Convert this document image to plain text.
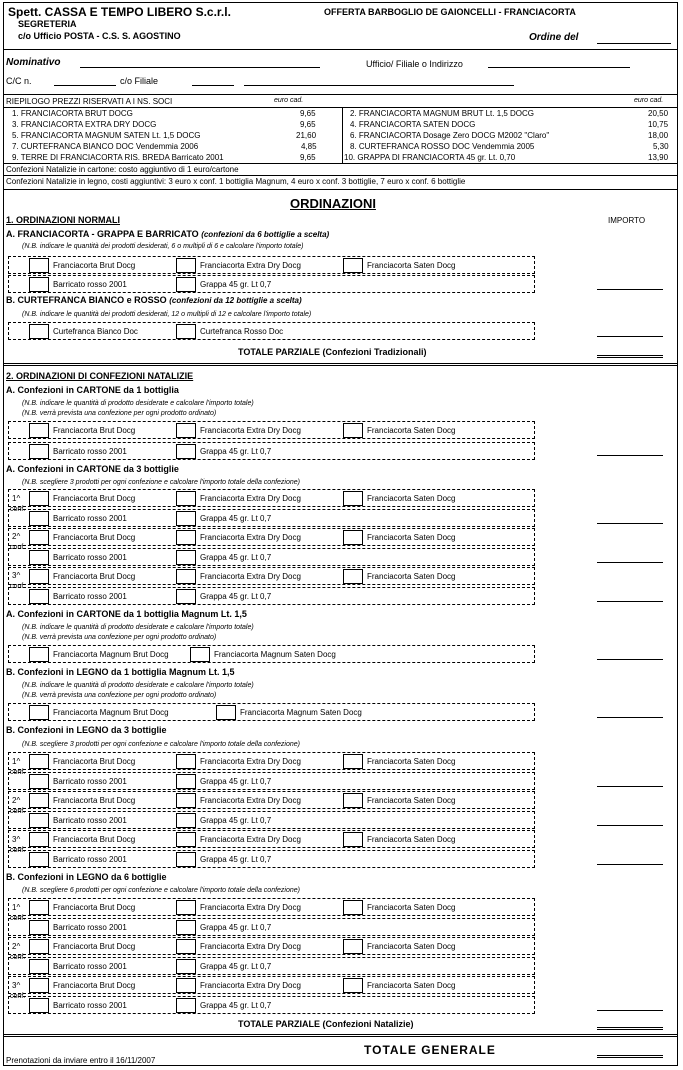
Spett. CASSA E TEMPO LIBERO S.c.r.l.
SEGRETERIA
c/o Ufficio POSTA - C.S. S. AGOSTINO
OFFERTA BARBOGLIO DE GAIONCELLI - FRANCIACORTA
Ordine del
Nominativo	Ufficio/ Filiale o Indirizzo
C/C n.	c/o Filiale
RIEPILOGO PREZZI RISERVATI A I NS. SOCI	euro cad.	euro cad.
1. FRANCIACORTA BRUT DOCG	9,65	2. FRANCIACORTA MAGNUM BRUT Lt. 1,5 DOCG	20,50
3. FRANCIACORTA EXTRA DRY DOCG	9,65	4. FRANCIACORTA SATEN DOCG	10,75
5. FRANCIACORTA MAGNUM SATEN Lt. 1,5 DOCG	21,60	6. FRANCIACORTA Dosage Zero DOCG M2002 "Claro"	18,00
7. CURTEFRANCA BIANCO DOC Vendemmia 2006	4,85	8. CURTEFRANCA ROSSO DOC Vendemmia 2005	5,30
9. TERRE DI FRANCIACORTA RIS. BREDA Barricato 2001	9,65	10. GRAPPA DI FRANCIACORTA 45 gr. Lt. 0,70	13,90
Confezioni Natalizie in cartone: costo aggiuntivo di 1 euro/cartone
Confezioni Natalizie in legno, costi aggiuntivi: 3 euro x conf. 1 bottiglia Magnum, 4 euro x conf. 3 bottiglie, 7 euro x conf. 6 bottiglie
ORDINAZIONI
IMPORTO
1. ORDINAZIONI NORMALI
A. FRANCIACORTA - GRAPPA E BARRICATO (confezioni da 6 bottiglie a scelta)
(N.B. indicare le quantità dei prodotti desiderati, 6 o multipli di 6 e calcolare l'importo totale)
Franciacorta Brut Docg	Franciacorta Extra Dry Docg	Franciacorta Saten Docg
Barricato rosso 2001	Grappa 45 gr. Lt 0,7
B. CURTEFRANCA BIANCO e ROSSO (confezioni da 12 bottiglie a scelta)
(N.B. indicare le quantità dei prodotti desiderati, 12 o multipli di 12 e calcolare l'importo totale)
Curtefranca Bianco Doc	Curtefranca Rosso Doc
TOTALE PARZIALE (Confezioni Tradizionali)
2. ORDINAZIONI DI CONFEZIONI NATALIZIE
A. Confezioni in CARTONE da 1 bottiglia
(N.B. indicare le quantità di prodotto desiderate e calcolare l'importo totale)
(N.B. verrà prevista una confezione per ogni prodotto ordinato)
Franciacorta Brut Docg	Franciacorta Extra Dry Docg	Franciacorta Saten Docg
Barricato rosso 2001	Grappa 45 gr. Lt 0,7
A. Confezioni in CARTONE da 3 bottiglie
(N.B. scegliere 3 prodotti per ogni confezione e calcolare l'importo totale della confezione)
1^
conf.
Franciacorta Brut Docg	Franciacorta Extra Dry Docg	Franciacorta Saten Docg
Barricato rosso 2001	Grappa 45 gr. Lt 0,7
2^
conf.
Franciacorta Brut Docg	Franciacorta Extra Dry Docg	Franciacorta Saten Docg
Barricato rosso 2001	Grappa 45 gr. Lt 0,7
3^
conf.
Franciacorta Brut Docg	Franciacorta Extra Dry Docg	Franciacorta Saten Docg
Barricato rosso 2001	Grappa 45 gr. Lt 0,7
A. Confezioni in CARTONE da 1 bottiglia Magnum Lt. 1,5
(N.B. indicare le quantità di prodotto desiderate e calcolare l'importo totale)
(N.B. verrà prevista una confezione per ogni prodotto ordinato)
Franciacorta Magnum Brut Docg	Franciacorta Magnum Saten Docg
B. Confezioni in LEGNO da 1 bottiglia Magnum Lt. 1,5
(N.B. indicare le quantità di prodotto desiderate e calcolare l'importo totale)
(N.B. verrà prevista una confezione per ogni prodotto ordinato)
Franciacorta Magnum Brut Docg	Franciacorta Magnum Saten Docg
B. Confezioni in LEGNO da 3 bottiglie
(N.B. scegliere 3 prodotti per ogni confezione e calcolare l'importo totale della confezione)
1^
conf.
Franciacorta Brut Docg	Franciacorta Extra Dry Docg	Franciacorta Saten Docg
Barricato rosso 2001	Grappa 45 gr. Lt 0,7
2^
conf.
Franciacorta Brut Docg	Franciacorta Extra Dry Docg	Franciacorta Saten Docg
Barricato rosso 2001	Grappa 45 gr. Lt 0,7
3^
conf.
Franciacorta Brut Docg	Franciacorta Extra Dry Docg	Franciacorta Saten Docg
Barricato rosso 2001	Grappa 45 gr. Lt 0,7
B. Confezioni in LEGNO da 6 bottiglie
(N.B. scegliere 6 prodotti per ogni confezione e calcolare l'importo totale della confezione)
1^
conf.
Franciacorta Brut Docg	Franciacorta Extra Dry Docg	Franciacorta Saten Docg
Barricato rosso 2001	Grappa 45 gr. Lt 0,7
2^
conf.
Franciacorta Brut Docg	Franciacorta Extra Dry Docg	Franciacorta Saten Docg
Barricato rosso 2001	Grappa 45 gr. Lt 0,7
3^
conf.
Franciacorta Brut Docg	Franciacorta Extra Dry Docg	Franciacorta Saten Docg
Barricato rosso 2001	Grappa 45 gr. Lt 0,7
TOTALE PARZIALE (Confezioni Natalizie)
TOTALE GENERALE
Prenotazioni da inviare entro il 16/11/2007
